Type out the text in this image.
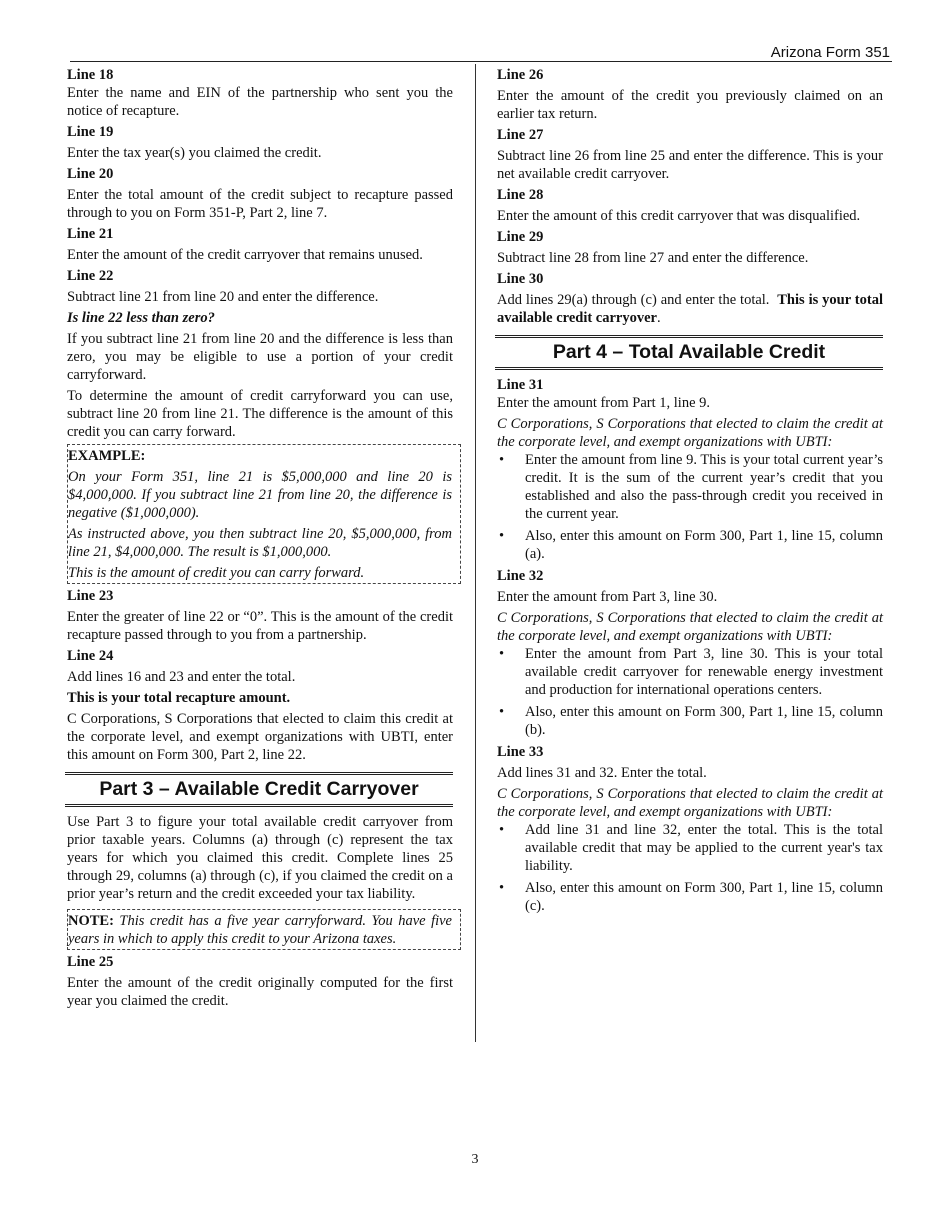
Arizona Form 351

Line 18

Enter the name and EIN of the partnership who sent you the notice of recapture.

Line 19

Enter the tax year(s) you claimed the credit.

Line 20

Enter the total amount of the credit subject to recapture passed through to you on Form 351-P, Part 2, line 7.

Line 21

Enter the amount of the credit carryover that remains unused.

Line 22

Subtract line 21 from line 20 and enter the difference.

Is line 22 less than zero?

If you subtract line 21 from line 20 and the difference is less than zero, you may be eligible to use a portion of your credit carryforward.

To determine the amount of credit carryforward you can use, subtract line 20 from line 21. The difference is the amount of this credit you can carry forward.

EXAMPLE:

On your Form 351, line 21 is $5,000,000 and line 20 is $4,000,000. If you subtract line 21 from line 20, the difference is negative ($1,000,000).

As instructed above, you then subtract line 20, $5,000,000, from line 21, $4,000,000. The result is $1,000,000.

This is the amount of credit you can carry forward.

Line 23

Enter the greater of line 22 or “0”. This is the amount of the credit recapture passed through to you from a partnership.

Line 24

Add lines 16 and 23 and enter the total.

This is your total recapture amount.

C Corporations, S Corporations that elected to claim this credit at the corporate level, and exempt organizations with UBTI, enter this amount on Form 300, Part 2, line 22.

Part 3 – Available Credit Carryover

Use Part 3 to figure your total available credit carryover from prior taxable years. Columns (a) through (c) represent the tax years for which you claimed this credit. Complete lines 25 through 29, columns (a) through (c), if you claimed the credit on a prior year’s return and the credit exceeded your tax liability.

NOTE: This credit has a five year carryforward. You have five years in which to apply this credit to your Arizona taxes.

Line 25

Enter the amount of the credit originally computed for the first year you claimed the credit.

Line 26

Enter the amount of the credit you previously claimed on an earlier tax return.

Line 27

Subtract line 26 from line 25 and enter the difference. This is your net available credit carryover.

Line 28

Enter the amount of this credit carryover that was disqualified.

Line 29

Subtract line 28 from line 27 and enter the difference.

Line 30

Add lines 29(a) through (c) and enter the total. This is your total available credit carryover.

Part 4 – Total Available Credit

Line 31

Enter the amount from Part 1, line 9.

C Corporations, S Corporations that elected to claim the credit at the corporate level, and exempt organizations with UBTI:

• Enter the amount from line 9. This is your total current year’s credit. It is the sum of the current year’s credit that you established and also the pass-through credit you received in the current year.
• Also, enter this amount on Form 300, Part 1, line 15, column (a).

Line 32

Enter the amount from Part 3, line 30.

C Corporations, S Corporations that elected to claim the credit at the corporate level, and exempt organizations with UBTI:

• Enter the amount from Part 3, line 30. This is your total available credit carryover for renewable energy investment and production for international operations centers.
• Also, enter this amount on Form 300, Part 1, line 15, column (b).

Line 33

Add lines 31 and 32. Enter the total.

C Corporations, S Corporations that elected to claim the credit at the corporate level, and exempt organizations with UBTI:

• Add line 31 and line 32, enter the total. This is the total available credit that may be applied to the current year's tax liability.
• Also, enter this amount on Form 300, Part 1, line 15, column (c).
3
